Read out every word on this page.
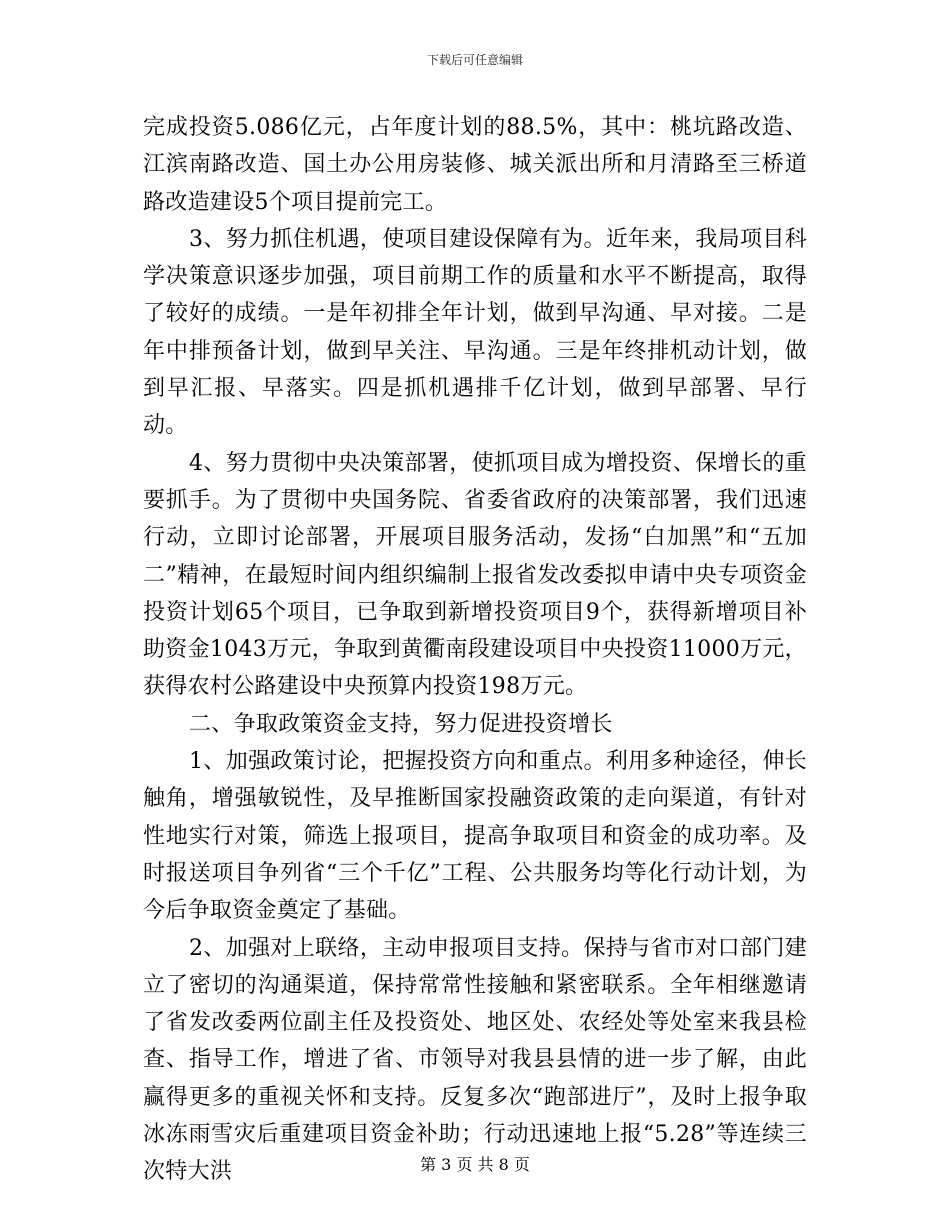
下载后可任意编辑

完成投资5.086亿元，占年度计划的88.5%，其中：桃坑路改造、江滨南路改造、国土办公用房装修、城关派出所和月清路至三桥道路改造建设5个项目提前完工。

3、努力抓住机遇，使项目建设保障有为。近年来，我局项目科学决策意识逐步加强，项目前期工作的质量和水平不断提高，取得了较好的成绩。一是年初排全年计划，做到早沟通、早对接。二是年中排预备计划，做到早关注、早沟通。三是年终排机动计划，做到早汇报、早落实。四是抓机遇排千亿计划，做到早部署、早行动。

4、努力贯彻中央决策部署，使抓项目成为增投资、保增长的重要抓手。为了贯彻中央国务院、省委省政府的决策部署，我们迅速行动，立即讨论部署，开展项目服务活动，发扬“白加黑”和“五加二”精神，在最短时间内组织编制上报省发改委拟申请中央专项资金投资计划65个项目，已争取到新增投资项目9个，获得新增项目补助资金1043万元，争取到黄衢南段建设项目中央投资11000万元，获得农村公路建设中央预算内投资198万元。

二、争取政策资金支持，努力促进投资增长

1、加强政策讨论，把握投资方向和重点。利用多种途径，伸长触角，增强敏锐性，及早推断国家投融资政策的走向渠道，有针对性地实行对策，筛选上报项目，提高争取项目和资金的成功率。及时报送项目争列省“三个千亿”工程、公共服务均等化行动计划，为今后争取资金奠定了基础。

2、加强对上联络，主动申报项目支持。保持与省市对口部门建立了密切的沟通渠道，保持常常性接触和紧密联系。全年相继邀请了省发改委两位副主任及投资处、地区处、农经处等处室来我县检查、指导工作，增进了省、市领导对我县县情的进一步了解，由此赢得更多的重视关怀和支持。反复多次“跑部进厅”，及时上报争取冰冻雨雪灾后重建项目资金补助；行动迅速地上报“5.28”等连续三次特大洪	第 3 页 共 8 页
